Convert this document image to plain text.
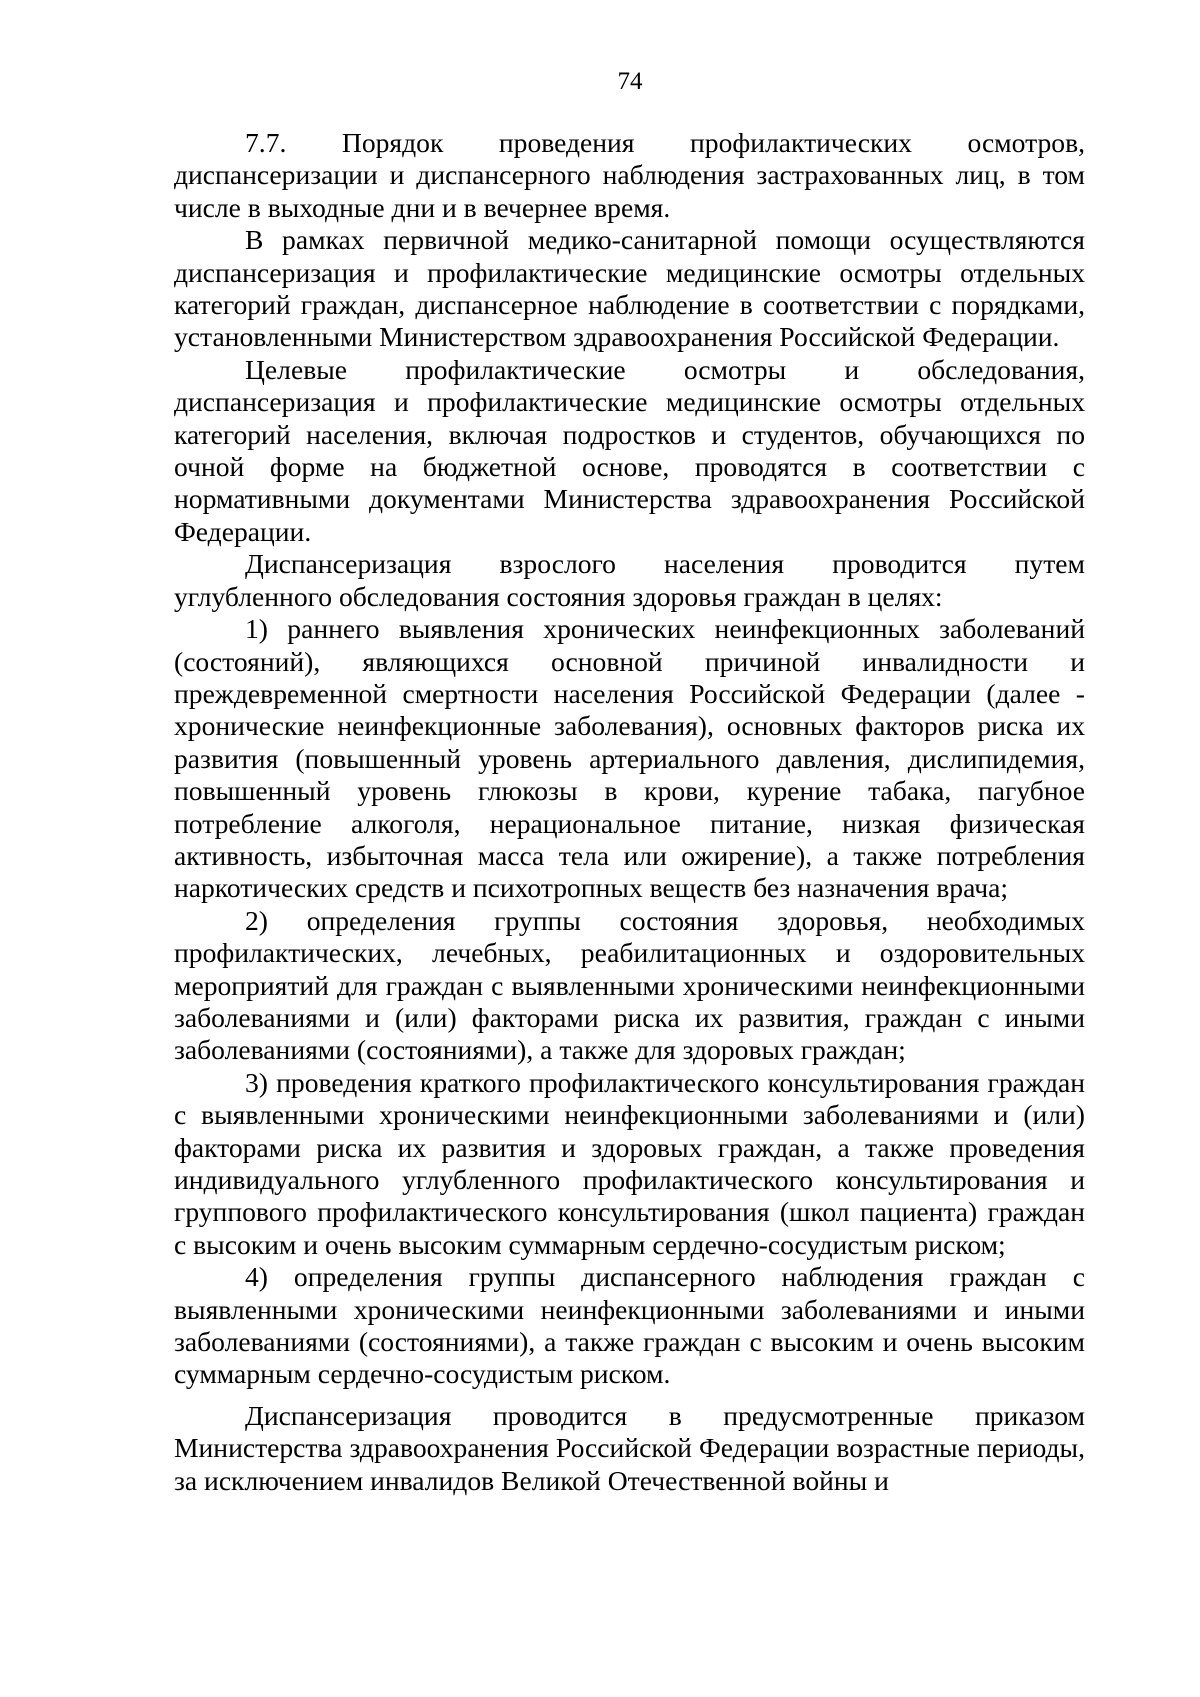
74

7.7. Порядок проведения профилактических осмотров, диспансеризации и диспансерного наблюдения застрахованных лиц, в том числе в выходные дни и в вечернее время.

В рамках первичной медико-санитарной помощи осуществляются диспансеризация и профилактические медицинские осмотры отдельных категорий граждан, диспансерное наблюдение в соответствии с порядками, установленными Министерством здравоохранения Российской Федерации.

Целевые профилактические осмотры и обследования, диспансеризация и профилактические медицинские осмотры отдельных категорий населения, включая подростков и студентов, обучающихся по очной форме на бюджетной основе, проводятся в соответствии с нормативными документами Министерства здравоохранения Российской Федерации.

Диспансеризация взрослого населения проводится путем углубленного обследования состояния здоровья граждан в целях:

1) раннего выявления хронических неинфекционных заболеваний (состояний), являющихся основной причиной инвалидности и преждевременной смертности населения Российской Федерации (далее - хронические неинфекционные заболевания), основных факторов риска их развития (повышенный уровень артериального давления, дислипидемия, повышенный уровень глюкозы в крови, курение табака, пагубное потребление алкоголя, нерациональное питание, низкая физическая активность, избыточная масса тела или ожирение), а также потребления наркотических средств и психотропных веществ без назначения врача;

2) определения группы состояния здоровья, необходимых профилактических, лечебных, реабилитационных и оздоровительных мероприятий для граждан с выявленными хроническими неинфекционными заболеваниями и (или) факторами риска их развития, граждан с иными заболеваниями (состояниями), а также для здоровых граждан;

3) проведения краткого профилактического консультирования граждан с выявленными хроническими неинфекционными заболеваниями и (или) факторами риска их развития и здоровых граждан, а также проведения индивидуального углубленного профилактического консультирования и группового профилактического консультирования (школ пациента) граждан с высоким и очень высоким суммарным сердечно-сосудистым риском;

4) определения группы диспансерного наблюдения граждан с выявленными хроническими неинфекционными заболеваниями и иными заболеваниями (состояниями), а также граждан с высоким и очень высоким суммарным сердечно-сосудистым риском.

Диспансеризация проводится в предусмотренные приказом Министерства здравоохранения Российской Федерации возрастные периоды, за исключением инвалидов Великой Отечественной войны и
